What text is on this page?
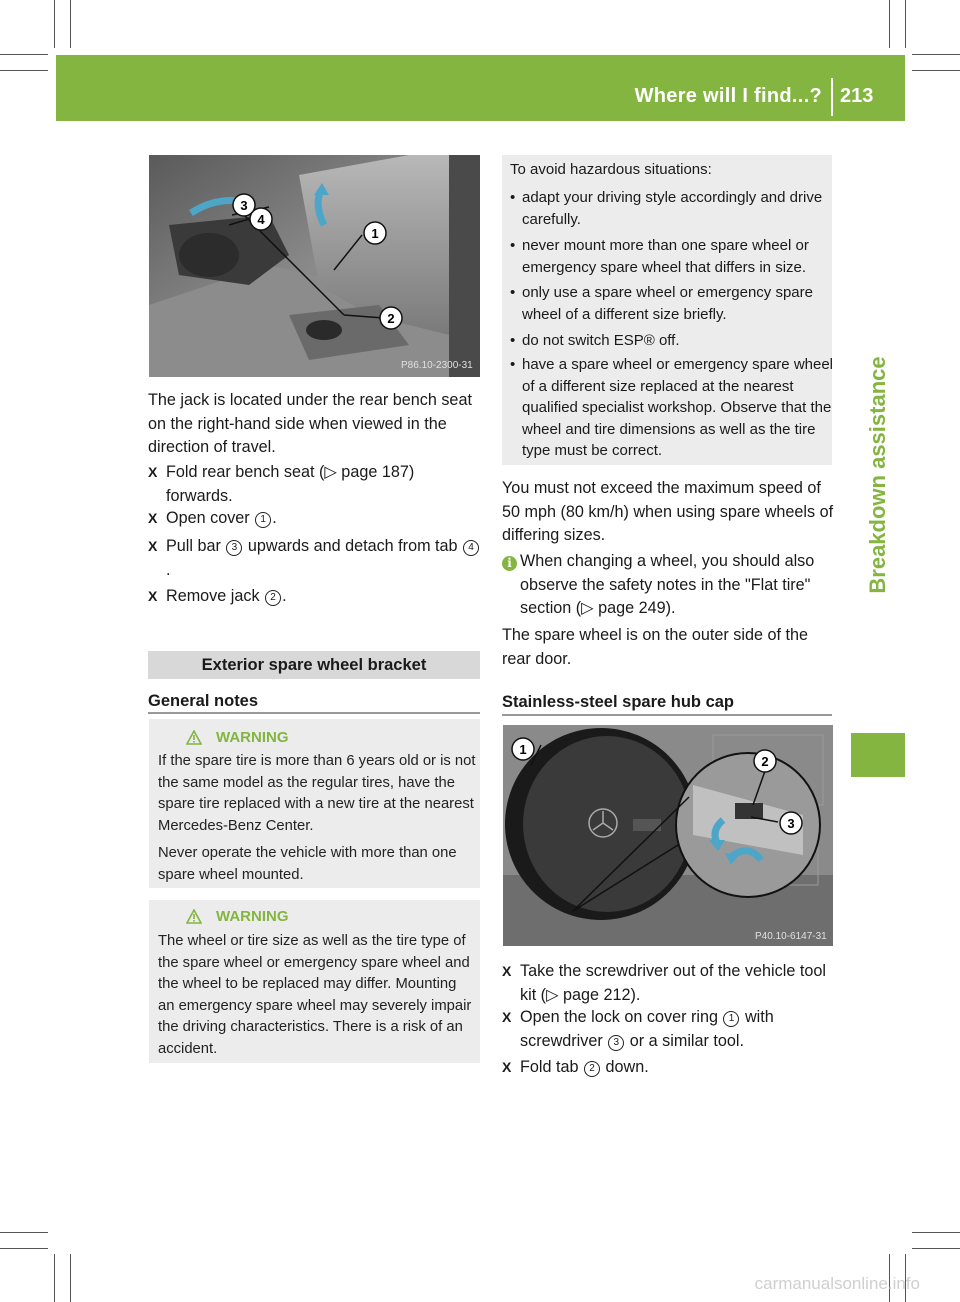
Where will I find...? 213
Breakdown assistance
3
4
1
2
P86.10-2300-31
The jack is located under the rear bench seat on the right-hand side when viewed in the direction of travel.
X Fold rear bench seat (▷ page 187) forwards.
X Open cover 1 .
X Pull bar 3 upwards and detach from tab 4.
X Remove jack 2 .
Exterior spare wheel bracket
General notes
WARNING
If the spare tire is more than 6 years old or is not the same model as the regular tires, have the spare tire replaced with a new tire at the nearest Mercedes-Benz Center.
Never operate the vehicle with more than one spare wheel mounted.
WARNING
The wheel or tire size as well as the tire type of the spare wheel or emergency spare wheel and the wheel to be replaced may differ. Mounting an emergency spare wheel may severely impair the driving characteristics. There is a risk of an accident.
To avoid hazardous situations:
• adapt your driving style accordingly and drive carefully.
• never mount more than one spare wheel or emergency spare wheel that differs in size.
• only use a spare wheel or emergency spare wheel of a different size briefly.
• do not switch ESP® off.
• have a spare wheel or emergency spare wheel of a different size replaced at the nearest qualified specialist workshop. Observe that the wheel and tire dimensions as well as the tire type must be correct.
You must not exceed the maximum speed of 50 mph (80 km/h) when using spare wheels of differing sizes.
i When changing a wheel, you should also observe the safety notes in the "Flat tire" section (▷ page 249).
The spare wheel is on the outer side of the rear door.
Stainless-steel spare hub cap
1
2
3
P40.10-6147-31
X Take the screwdriver out of the vehicle tool kit (▷ page 212).
X Open the lock on cover ring 1 with screwdriver 3 or a similar tool.
X Fold tab 2 down.
carmanualsonline.info
